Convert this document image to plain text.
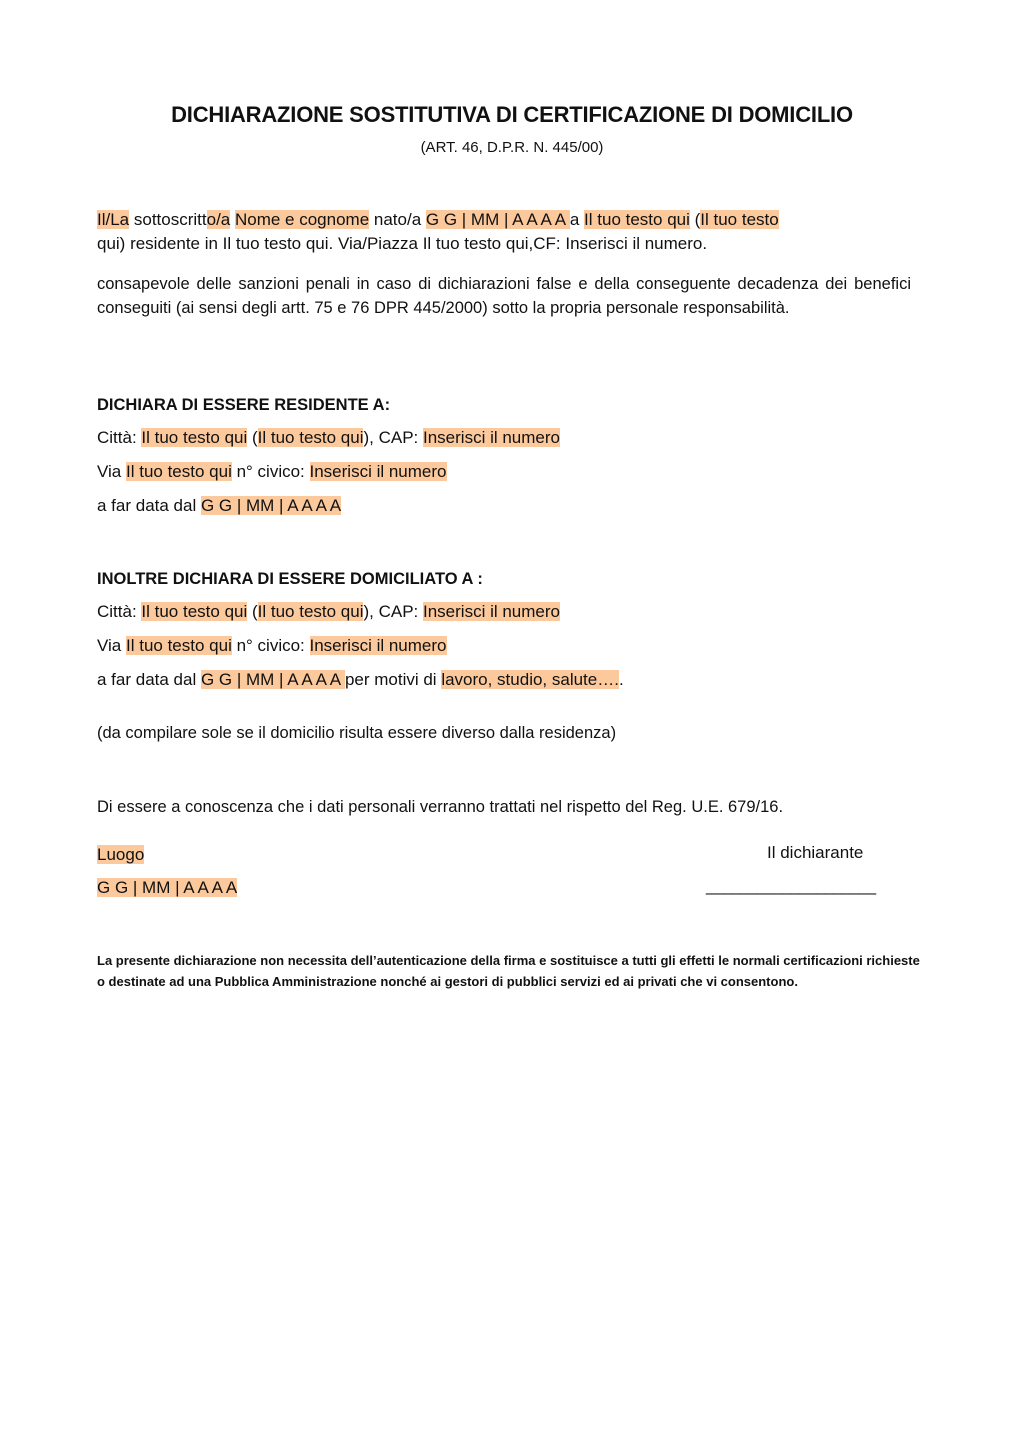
DICHIARAZIONE SOSTITUTIVA DI CERTIFICAZIONE DI DOMICILIO
(ART. 46, D.P.R. N. 445/00)
Il/La sottoscritto/a Nome e cognome nato/a G G | MM | A A A A a Il tuo testo qui (Il tuo testo
qui) residente in Il tuo testo qui. Via/Piazza Il tuo testo qui,CF: Inserisci il numero.
consapevole delle sanzioni penali in caso di dichiarazioni false e della conseguente decadenza dei benefici conseguiti (ai sensi degli artt. 75 e 76 DPR 445/2000) sotto la propria personale responsabilità.
DICHIARA DI ESSERE RESIDENTE A:
Città: Il tuo testo qui (Il tuo testo qui), CAP: Inserisci il numero
Via Il tuo testo qui n° civico: Inserisci il numero
a far data dal G G | MM | A A A A
INOLTRE DICHIARA DI ESSERE DOMICILIATO A :
Città: Il tuo testo qui (Il tuo testo qui), CAP: Inserisci il numero
Via Il tuo testo qui n° civico: Inserisci il numero
a far data dal G G | MM | A A A A per motivi di lavoro, studio, salute…..
(da compilare sole se il domicilio risulta essere diverso dalla residenza)
Di essere a conoscenza che i dati personali verranno trattati nel rispetto del Reg. U.E. 679/16.
Luogo
G G | MM | A A A A
Il dichiarante
____________________
La presente dichiarazione non necessita dell’autenticazione della firma e sostituisce a tutti gli effetti le normali certificazioni richieste o destinate ad una Pubblica Amministrazione nonché ai gestori di pubblici servizi ed ai privati che vi consentono.
